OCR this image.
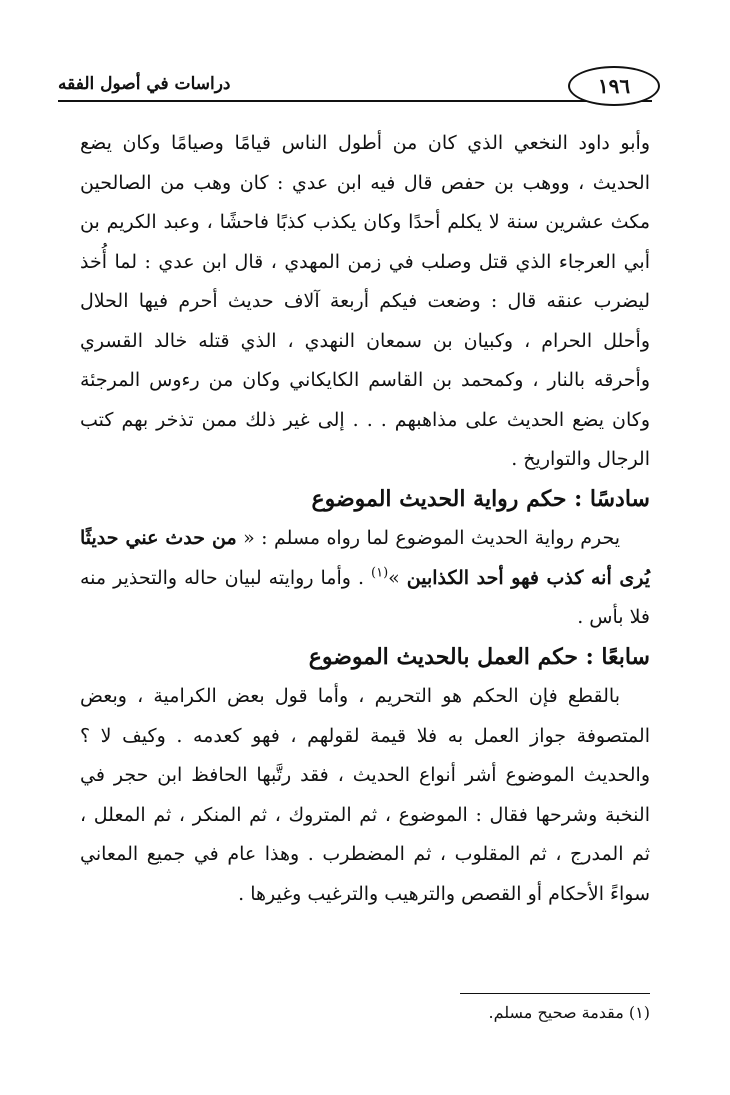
١٩٦
دراسات في أصول الفقه

وأبو داود النخعي الذي كان من أطول الناس قيامًا وصيامًا وكان يضع الحديث ، ووهب بن حفص قال فيه ابن عدي : كان وهب من الصالحين مكث عشرين سنة لا يكلم أحدًا وكان يكذب كذبًا فاحشًا ، وعبد الكريم بن أبي العرجاء الذي قتل وصلب في زمن المهدي ، قال ابن عدي : لما أُخذ ليضرب عنقه قال : وضعت فيكم أربعة آلاف حديث أحرم فيها الحلال وأحلل الحرام ، وكبيان بن سمعان النهدي ، الذي قتله خالد القسري وأحرقه بالنار ، وكمحمد بن القاسم الكايكاني وكان من رءوس المرجئة وكان يضع الحديث على مذاهبهم . . . إلى غير ذلك ممن تذخر بهم كتب الرجال والتواريخ .

سادسًا : حكم رواية الحديث الموضوع

يحرم رواية الحديث الموضوع لما رواه مسلم : « من حدث عني حديثًا يُرى أنه كذب فهو أحد الكذابين »$^{(١)}$ . وأما روايته لبيان حاله والتحذير منه فلا بأس .

سابعًا : حكم العمل بالحديث الموضوع

بالقطع فإن الحكم هو التحريم ، وأما قول بعض الكرامية ، وبعض المتصوفة جواز العمل به فلا قيمة لقولهم ، فهو كعدمه . وكيف لا ؟ والحديث الموضوع أشر أنواع الحديث ، فقد رتَّبها الحافظ ابن حجر في النخبة وشرحها فقال : الموضوع ، ثم المتروك ، ثم المنكر ، ثم المعلل ، ثم المدرج ، ثم المقلوب ، ثم المضطرب . وهذا عام في جميع المعاني سواءً الأحكام أو القصص والترهيب والترغيب وغيرها .

(١) مقدمة صحيح مسلم.
